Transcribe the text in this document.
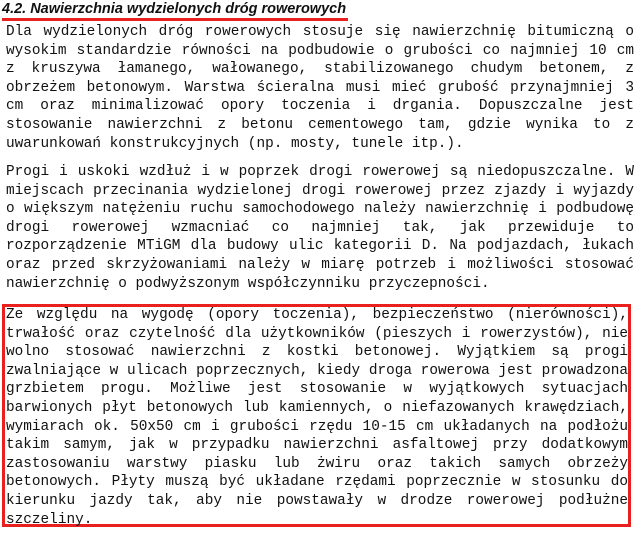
4.2. Nawierzchnia wydzielonych dróg rowerowych

Dla wydzielonych dróg rowerowych stosuje się nawierzchnię bitumiczną o wysokim standardzie równości na podbudowie o grubości co najmniej 10 cm z kruszywa łamanego, wałowanego, stabilizowanego chudym betonem, z obrzeżem betonowym. Warstwa ścieralna musi mieć grubość przynajmniej 3 cm oraz minimalizować opory toczenia i drgania. Dopuszczalne jest stosowanie nawierzchni z betonu cementowego tam, gdzie wynika to z uwarunkowań konstrukcyjnych (np. mosty, tunele itp.).

Progi i uskoki wzdłuż i w poprzek drogi rowerowej są niedopuszczalne. W miejscach przecinania wydzielonej drogi rowerowej przez zjazdy i wyjazdy o większym natężeniu ruchu samochodowego należy nawierzchnię i podbudowę drogi rowerowej wzmacniać co najmniej tak, jak przewiduje to rozporządzenie MTiGM dla budowy ulic kategorii D. Na podjazdach, łukach oraz przed skrzyżowaniami należy w miarę potrzeb i możliwości stosować nawierzchnię o podwyższonym współczynniku przyczepności.

Ze względu na wygodę (opory toczenia), bezpieczeństwo (nierówności), trwałość oraz czytelność dla użytkowników (pieszych i rowerzystów), nie wolno stosować nawierzchni z kostki betonowej. Wyjątkiem są progi zwalniające w ulicach poprzecznych, kiedy droga rowerowa jest prowadzona grzbietem progu. Możliwe jest stosowanie w wyjątkowych sytuacjach barwionych płyt betonowych lub kamiennych, o niefazowanych krawędziach, wymiarach ok. 50x50 cm i grubości rzędu 10-15 cm układanych na podłożu takim samym, jak w przypadku nawierzchni asfaltowej przy dodatkowym zastosowaniu warstwy piasku lub żwiru oraz takich samych obrzeży betonowych. Płyty muszą być układane rzędami poprzecznie w stosunku do kierunku jazdy tak, aby nie powstawały w drodze rowerowej podłużne szczeliny.
